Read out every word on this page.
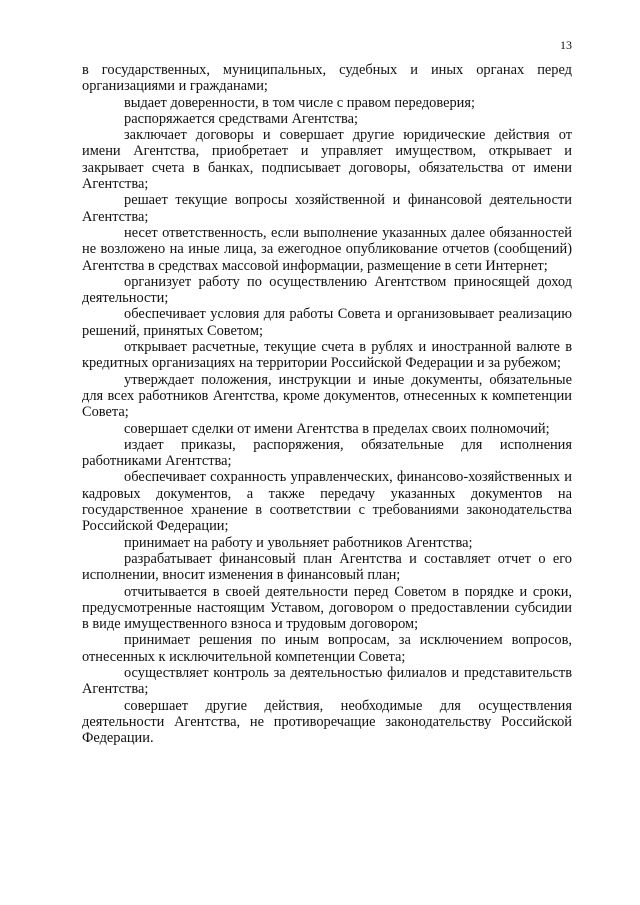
13

в государственных, муниципальных, судебных и иных органах перед организациями и гражданами;

выдает доверенности, в том числе с правом передоверия;

распоряжается средствами Агентства;

заключает договоры и совершает другие юридические действия от имени Агентства, приобретает и управляет имуществом, открывает и закрывает счета в банках, подписывает договоры, обязательства от имени Агентства;

решает текущие вопросы хозяйственной и финансовой деятельности Агентства;

несет ответственность, если выполнение указанных далее обязанностей не возложено на иные лица, за ежегодное опубликование отчетов (сообщений) Агентства в средствах массовой информации, размещение в сети Интернет;

организует работу по осуществлению Агентством приносящей доход деятельности;

обеспечивает условия для работы Совета и организовывает реализацию решений, принятых Советом;

открывает расчетные, текущие счета в рублях и иностранной валюте в кредитных организациях на территории Российской Федерации и за рубежом;

утверждает положения, инструкции и иные документы, обязательные для всех работников Агентства, кроме документов, отнесенных к компетенции Совета;

совершает сделки от имени Агентства в пределах своих полномочий;

издает приказы, распоряжения, обязательные для исполнения работниками Агентства;

обеспечивает сохранность управленческих, финансово-хозяйственных и кадровых документов, а также передачу указанных документов на государственное хранение в соответствии с требованиями законодательства Российской Федерации;

принимает на работу и увольняет работников Агентства;

разрабатывает финансовый план Агентства и составляет отчет о его исполнении, вносит изменения в финансовый план;

отчитывается в своей деятельности перед Советом в порядке и сроки, предусмотренные настоящим Уставом, договором о предоставлении субсидии в виде имущественного взноса и трудовым договором;

принимает решения по иным вопросам, за исключением вопросов, отнесенных к исключительной компетенции Совета;

осуществляет контроль за деятельностью филиалов и представительств Агентства;

совершает другие действия, необходимые для осуществления деятельности Агентства, не противоречащие законодательству Российской Федерации.
